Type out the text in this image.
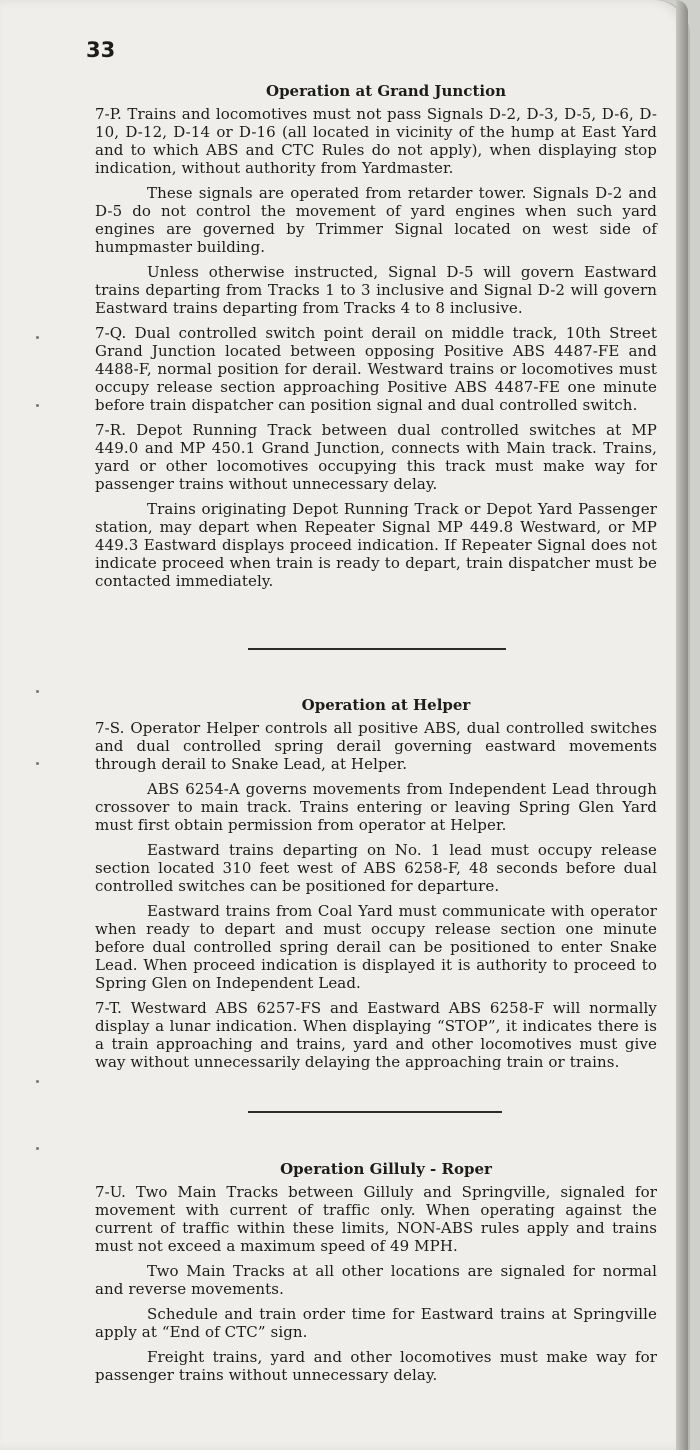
33
Operation at Grand Junction

7-P. Trains and locomotives must not pass Signals D-2, D-3, D-5, D-6, D-10, D-12, D-14 or D-16 (all located in vicinity of the hump at East Yard and to which ABS and CTC Rules do not apply), when displaying stop indication, without authority from Yardmaster.

These signals are operated from retarder tower. Signals D-2 and D-5 do not control the movement of yard engines when such yard engines are governed by Trimmer Signal located on west side of humpmaster building.

Unless otherwise instructed, Signal D-5 will govern Eastward trains departing from Tracks 1 to 3 inclusive and Signal D-2 will govern Eastward trains departing from Tracks 4 to 8 inclusive.

7-Q. Dual controlled switch point derail on middle track, 10th Street Grand Junction located between opposing Positive ABS 4487-FE and 4488-F, normal position for derail. Westward trains or locomotives must occupy release section approaching Positive ABS 4487-FE one minute before train dispatcher can position signal and dual controlled switch.

7-R. Depot Running Track between dual controlled switches at MP 449.0 and MP 450.1 Grand Junction, connects with Main track. Trains, yard or other locomotives occupying this track must make way for passenger trains without unnecessary delay.

Trains originating Depot Running Track or Depot Yard Passenger station, may depart when Repeater Signal MP 449.8 Westward, or MP 449.3 Eastward displays proceed indication. If Repeater Signal does not indicate proceed when train is ready to depart, train dispatcher must be contacted immediately.

Operation at Helper

7-S. Operator Helper controls all positive ABS, dual controlled switches and dual controlled spring derail governing eastward movements through derail to Snake Lead, at Helper.

ABS 6254-A governs movements from Independent Lead through crossover to main track. Trains entering or leaving Spring Glen Yard must first obtain permission from operator at Helper.

Eastward trains departing on No. 1 lead must occupy release section located 310 feet west of ABS 6258-F, 48 seconds before dual controlled switches can be positioned for departure.

Eastward trains from Coal Yard must communicate with operator when ready to depart and must occupy release section one minute before dual controlled spring derail can be positioned to enter Snake Lead. When proceed indication is displayed it is authority to proceed to Spring Glen on Independent Lead.

7-T. Westward ABS 6257-FS and Eastward ABS 6258-F will normally display a lunar indication. When displaying “STOP”, it indicates there is a train approaching and trains, yard and other locomotives must give way without unnecessarily delaying the approaching train or trains.

Operation Gilluly - Roper

7-U. Two Main Tracks between Gilluly and Springville, signaled for movement with current of traffic only. When operating against the current of traffic within these limits, NON-ABS rules apply and trains must not exceed a maximum speed of 49 MPH.

Two Main Tracks at all other locations are signaled for normal and reverse movements.

Schedule and train order time for Eastward trains at Springville apply at “End of CTC” sign.

Freight trains, yard and other locomotives must make way for passenger trains without unnecessary delay.
